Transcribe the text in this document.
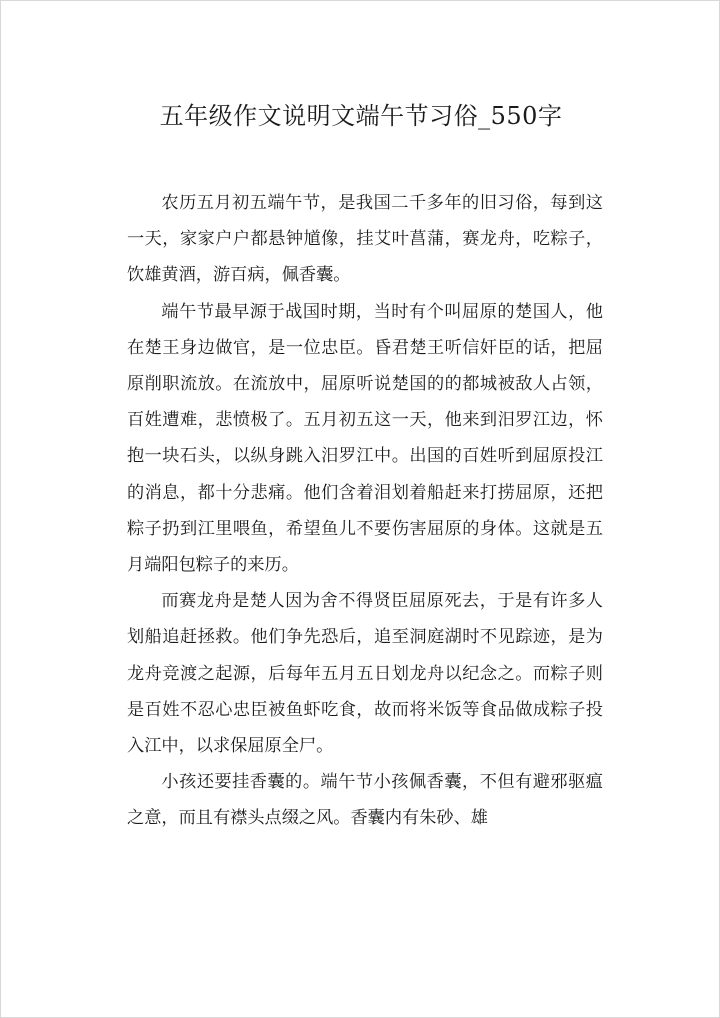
五年级作文说明文端午节习俗_550字

农历五月初五端午节，是我国二千多年的旧习俗，每到这一天，家家户户都悬钟馗像，挂艾叶菖蒲，赛龙舟，吃粽子，饮雄黄酒，游百病，佩香囊。

端午节最早源于战国时期，当时有个叫屈原的楚国人，他在楚王身边做官，是一位忠臣。昏君楚王听信奸臣的话，把屈原削职流放。在流放中，屈原听说楚国的的都城被敌人占领，百姓遭难，悲愤极了。五月初五这一天，他来到汨罗江边，怀抱一块石头，以纵身跳入汨罗江中。出国的百姓听到屈原投江的消息，都十分悲痛。他们含着泪划着船赶来打捞屈原，还把粽子扔到江里喂鱼，希望鱼儿不要伤害屈原的身体。这就是五月端阳包粽子的来历。

而赛龙舟是楚人因为舍不得贤臣屈原死去，于是有许多人划船追赶拯救。他们争先恐后，追至洞庭湖时不见踪迹，是为龙舟竞渡之起源，后每年五月五日划龙舟以纪念之。而粽子则是百姓不忍心忠臣被鱼虾吃食，故而将米饭等食品做成粽子投入江中，以求保屈原全尸。

小孩还要挂香囊的。端午节小孩佩香囊，不但有避邪驱瘟之意，而且有襟头点缀之风。香囊内有朱砂、雄
